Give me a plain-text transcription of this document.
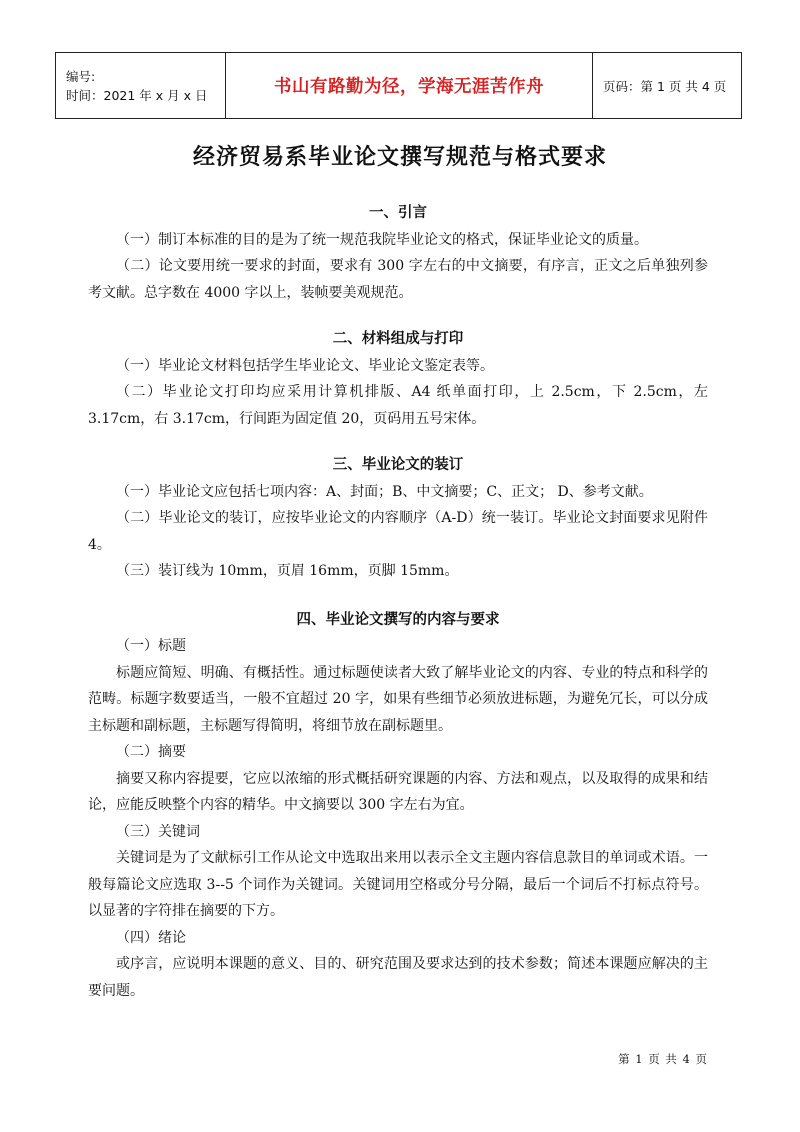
编号:
时间：2021 年 x 月 x 日	书山有路勤为径，学海无涯苦作舟	页码：第 1 页 共 4 页
经济贸易系毕业论文撰写规范与格式要求

一、引言

（一）制订本标准的目的是为了统一规范我院毕业论文的格式，保证毕业论文的质量。

（二）论文要用统一要求的封面，要求有 300 字左右的中文摘要，有序言，正文之后单独列参考文献。总字数在 4000 字以上，装帧要美观规范。

二、材料组成与打印

（一）毕业论文材料包括学生毕业论文、毕业论文鉴定表等。

（二）毕业论文打印均应采用计算机排版、A4 纸单面打印，上 2.5cm，下 2.5cm，左 3.17cm，右 3.17cm，行间距为固定值 20，页码用五号宋体。

三、毕业论文的装订

（一）毕业论文应包括七项内容：A、封面；B、中文摘要；C、正文； D、参考文献。

（二）毕业论文的装订，应按毕业论文的内容顺序（A-D）统一装订。毕业论文封面要求见附件 4。

（三）装订线为 10mm，页眉 16mm，页脚 15mm。

四、毕业论文撰写的内容与要求

（一）标题

标题应简短、明确、有概括性。通过标题使读者大致了解毕业论文的内容、专业的特点和科学的范畴。标题字数要适当，一般不宜超过 20 字，如果有些细节必须放进标题，为避免冗长，可以分成主标题和副标题，主标题写得简明，将细节放在副标题里。

（二）摘要

摘要又称内容提要，它应以浓缩的形式概括研究课题的内容、方法和观点，以及取得的成果和结论，应能反映整个内容的精华。中文摘要以 300 字左右为宜。

（三）关键词

关键词是为了文献标引工作从论文中选取出来用以表示全文主题内容信息款目的单词或术语。一般每篇论文应选取 3--5 个词作为关键词。关键词用空格或分号分隔，最后一个词后不打标点符号。以显著的字符排在摘要的下方。

（四）绪论

或序言，应说明本课题的意义、目的、研究范围及要求达到的技术参数；简述本课题应解决的主要问题。

第 1 页 共 4 页
